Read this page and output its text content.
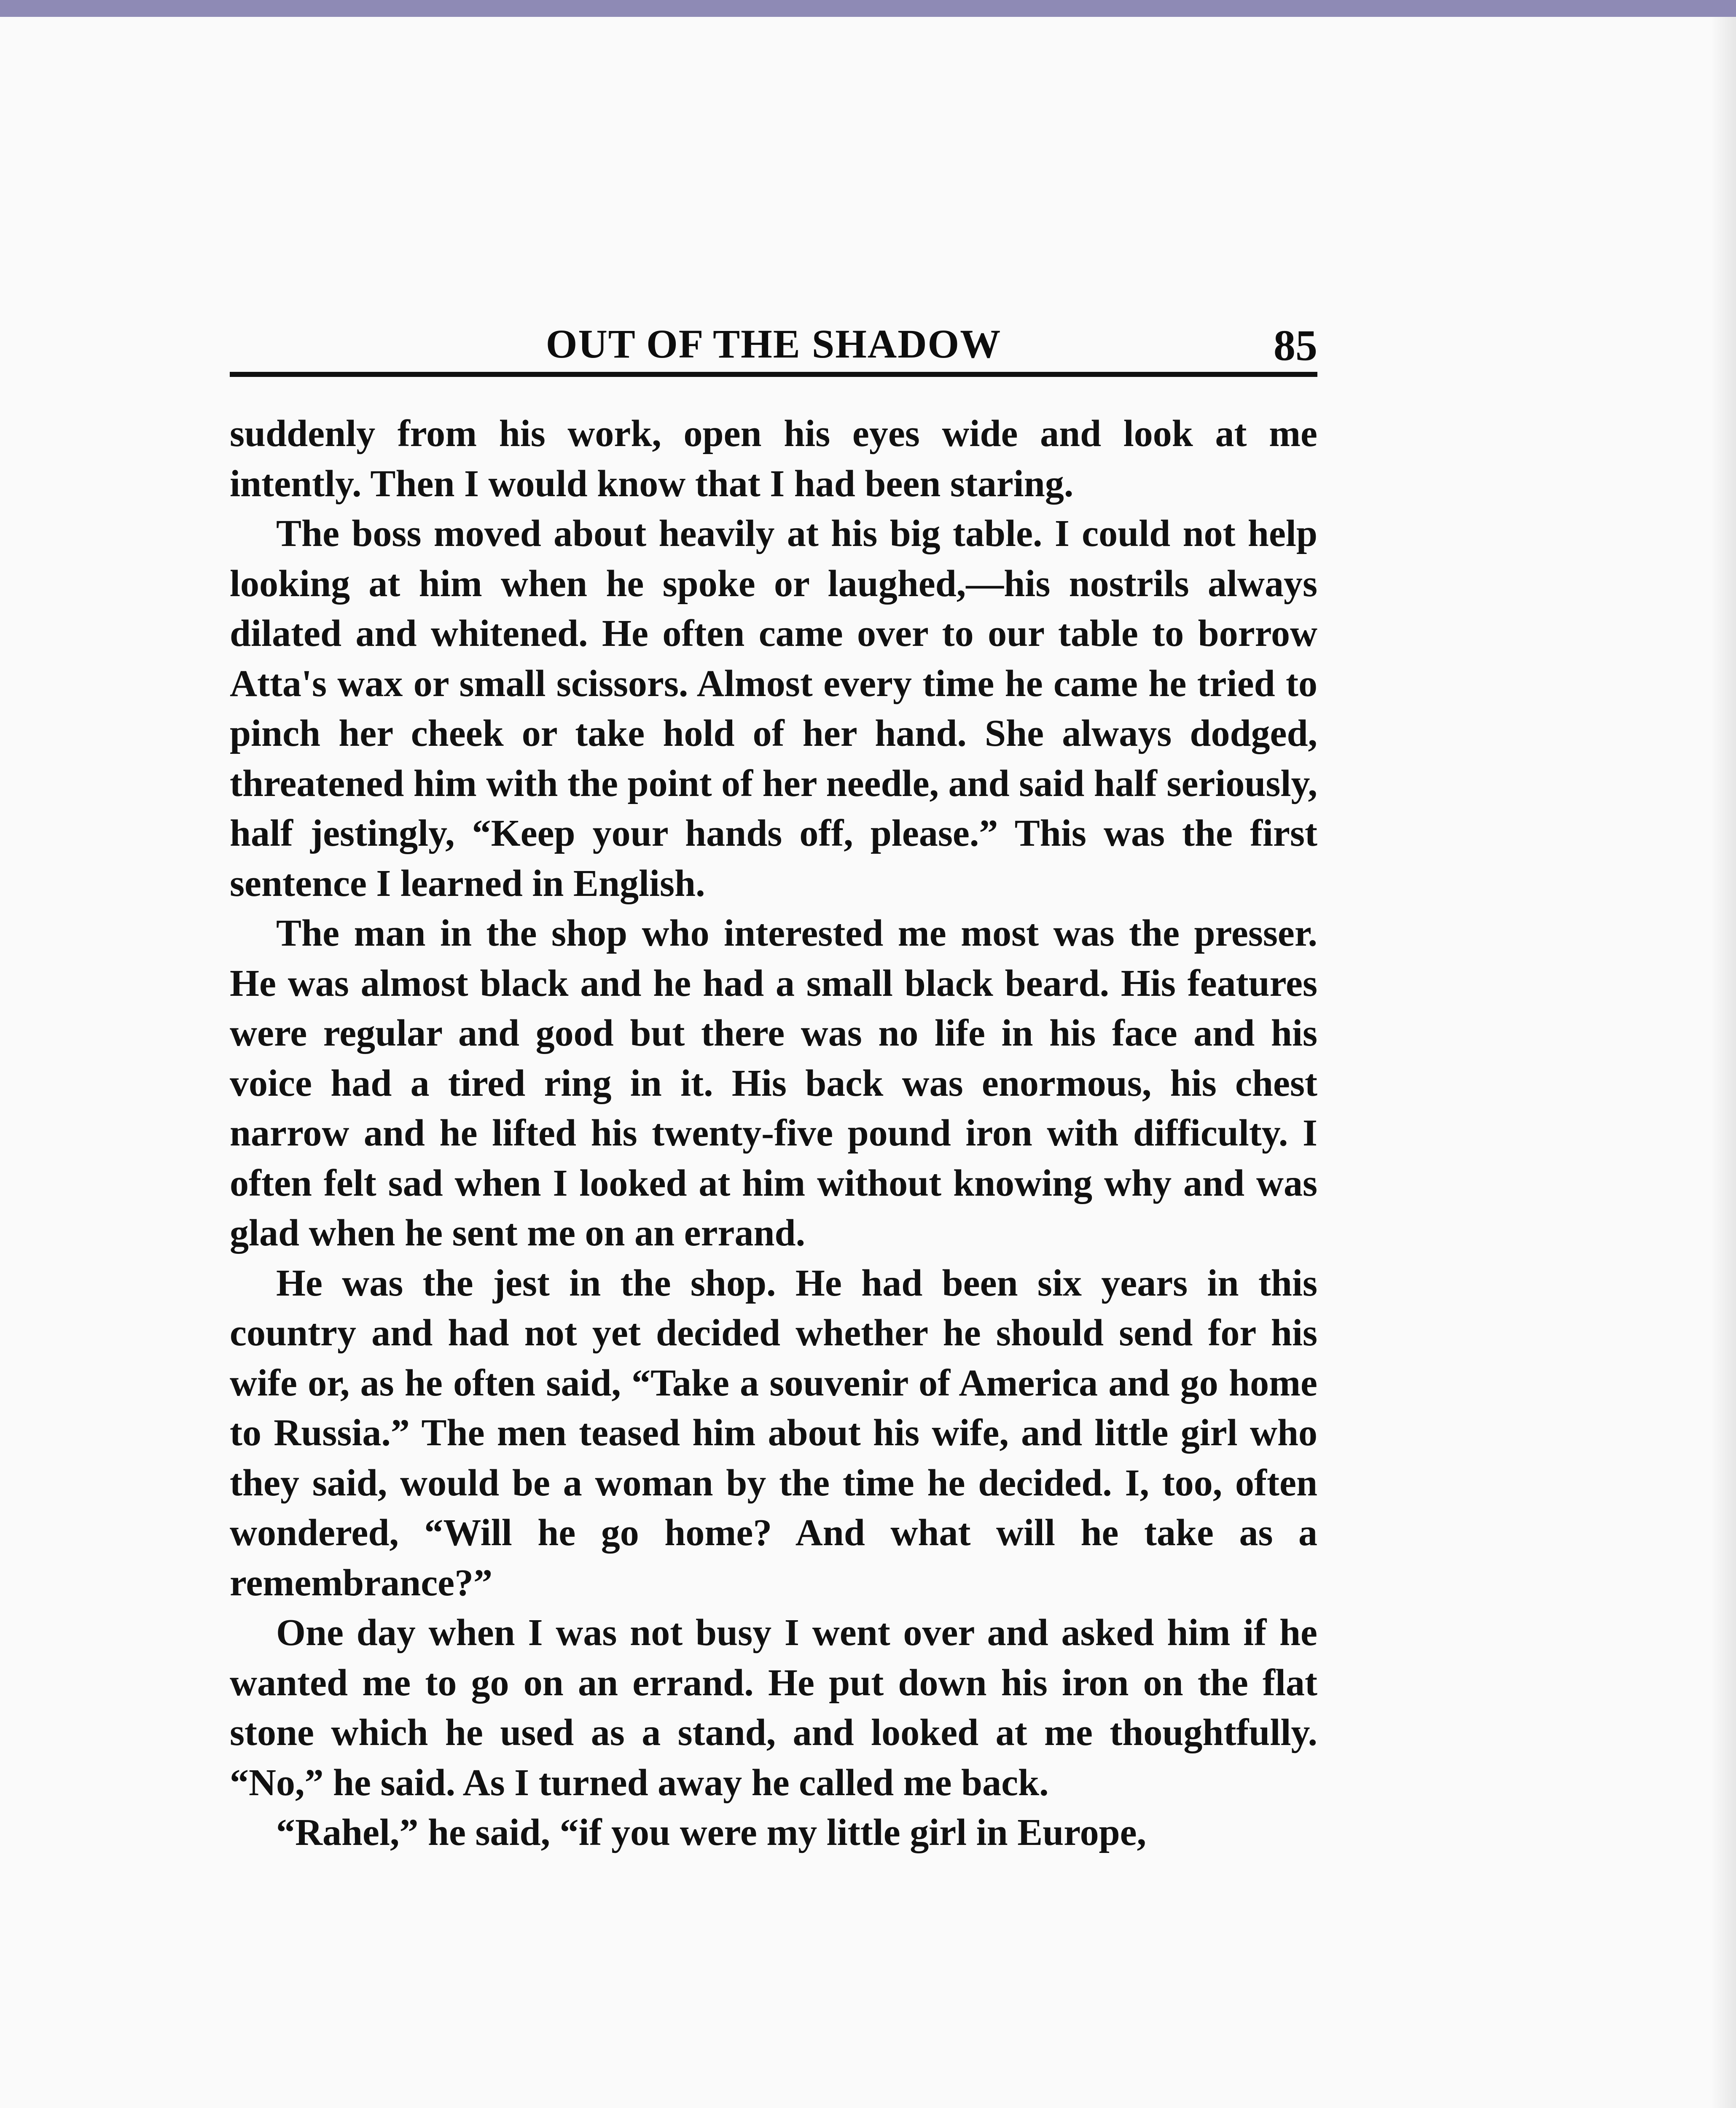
OUT OF THE SHADOW	85

suddenly from his work, open his eyes wide and look at me intently. Then I would know that I had been staring.

The boss moved about heavily at his big table. I could not help looking at him when he spoke or laughed,—his nostrils always dilated and whitened. He often came over to our table to borrow Atta's wax or small scissors. Almost every time he came he tried to pinch her cheek or take hold of her hand. She always dodged, threatened him with the point of her needle, and said half seriously, half jestingly, “Keep your hands off, please.” This was the first sentence I learned in English.

The man in the shop who interested me most was the presser. He was almost black and he had a small black beard. His features were regular and good but there was no life in his face and his voice had a tired ring in it. His back was enormous, his chest narrow and he lifted his twenty-five pound iron with difficulty. I often felt sad when I looked at him without knowing why and was glad when he sent me on an errand.

He was the jest in the shop. He had been six years in this country and had not yet decided whether he should send for his wife or, as he often said, “Take a souvenir of America and go home to Russia.” The men teased him about his wife, and little girl who they said, would be a woman by the time he decided. I, too, often wondered, “Will he go home? And what will he take as a remembrance?”

One day when I was not busy I went over and asked him if he wanted me to go on an errand. He put down his iron on the flat stone which he used as a stand, and looked at me thoughtfully. “No,” he said. As I turned away he called me back.

“Rahel,” he said, “if you were my little girl in Europe,
